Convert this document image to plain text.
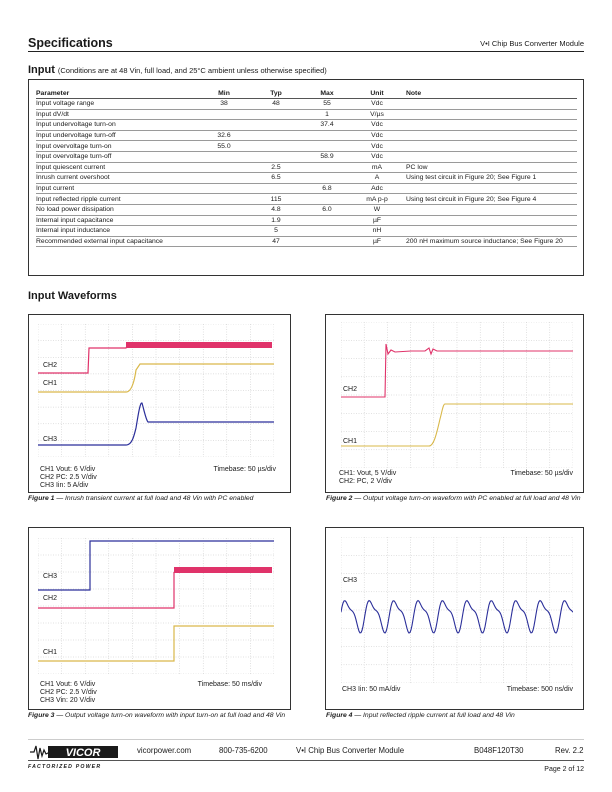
Specifications	V•I Chip Bus Converter Module
Input (Conditions are at 48 Vin, full load, and 25°C ambient unless otherwise specified)
Parameter	Min	Typ	Max	Unit	Note
Input voltage range	38	48	55	Vdc	
Input dV/dt			1	V/µs	
Input undervoltage turn-on			37.4	Vdc	
Input undervoltage turn-off	32.6			Vdc	
Input overvoltage turn-on	55.0			Vdc	
Input overvoltage turn-off			58.9	Vdc	
Input quiescent current		2.5		mA	PC low
Inrush current overshoot		6.5		A	Using test circuit in Figure 20; See Figure 1
Input current			6.8	Adc	
Input reflected ripple current		115		mA p-p	Using test circuit in Figure 20; See Figure 4
No load power dissipation		4.8	6.0	W	
Internal input capacitance		1.9		µF	
Internal input inductance		5		nH	
Recommended external input capacitance		47		µF	200 nH maximum source inductance; See Figure 20
Input Waveforms
CH2
CH1
CH3
CH1 Vout: 6 V/div
CH2 PC: 2.5 V/div
CH3 Iin: 5 A/div
Timebase: 50 µs/div
Figure 1 — Inrush transient current at full load and 48 Vin with PC enabled
CH2
CH1
CH1: Vout, 5 V/div
CH2: PC, 2 V/div
Timebase: 50 µs/div
Figure 2 — Output voltage turn-on waveform with PC enabled at full load and 48 Vin
CH3
CH2
CH1
CH1 Vout: 6 V/div
CH2 PC: 2.5 V/div
CH3 Vin: 20 V/div
Timebase: 50 ms/div
Figure 3 — Output voltage turn-on waveform with input turn-on at full load and 48 Vin
CH3
CH3 Iin: 50 mA/div	Timebase: 500 ns/div
Figure 4 — Input reflected ripple current at full load and 48 Vin
VICOR
FACTORIZED POWER
vicorpower.com	800-735-6200	V•I Chip Bus Converter Module	B048F120T30	Rev. 2.2
Page 2 of 12
